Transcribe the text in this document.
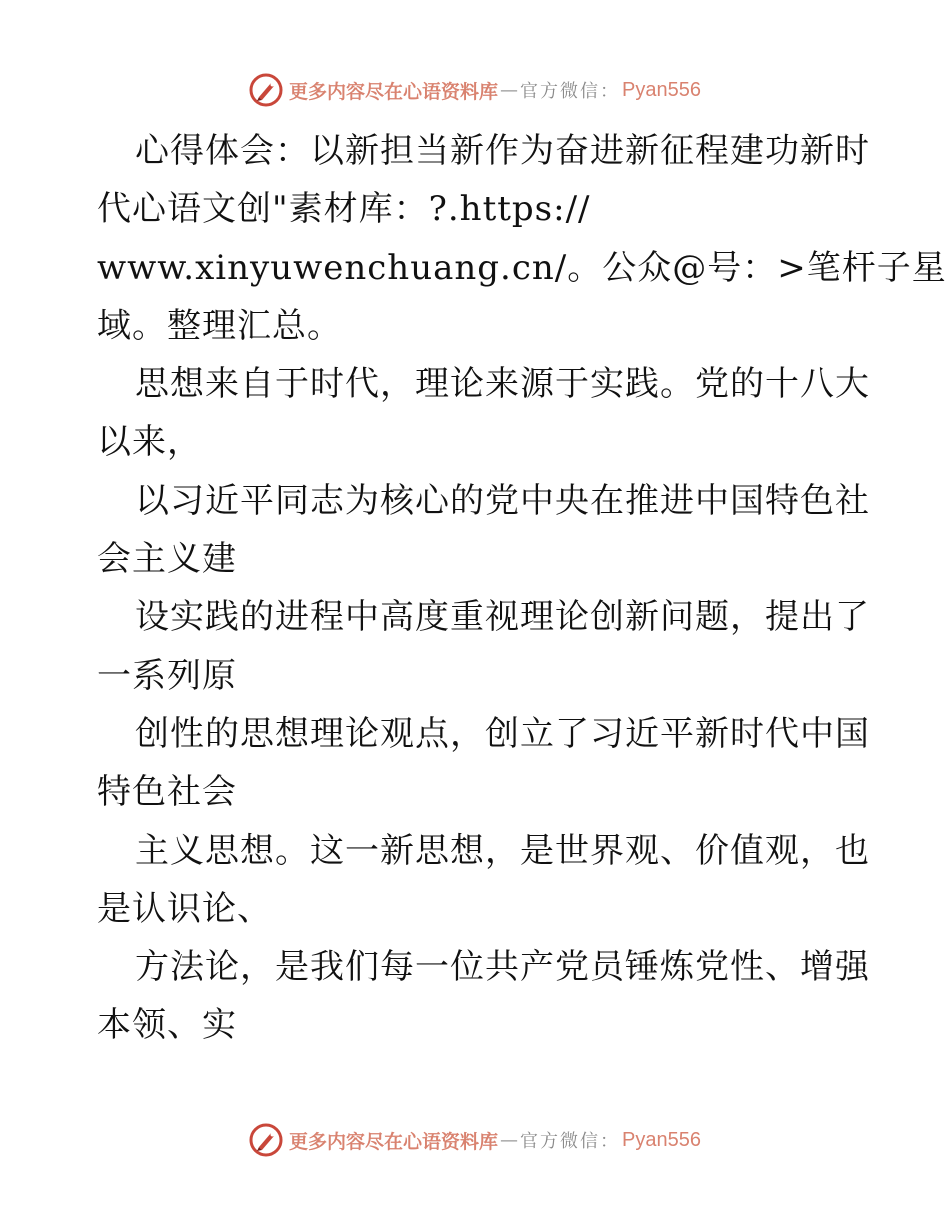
更多内容尽在心语资料库 — 官方微信： Pyan556
心得体会：以新担当新作为奋进新征程建功新时
代心语文创"素材库：?.https://
www.xinyuwenchuang.cn/。公众@号：>笔杆子星
域。整理汇总。
思想来自于时代，理论来源于实践。党的十八大
以来，
以习近平同志为核心的党中央在推进中国特色社
会主义建
设实践的进程中高度重视理论创新问题，提出了
一系列原
创性的思想理论观点，创立了习近平新时代中国
特色社会
主义思想。这一新思想，是世界观、价值观，也
是认识论、
方法论，是我们每一位共产党员锤炼党性、增强
本领、实
更多内容尽在心语资料库 — 官方微信： Pyan556
